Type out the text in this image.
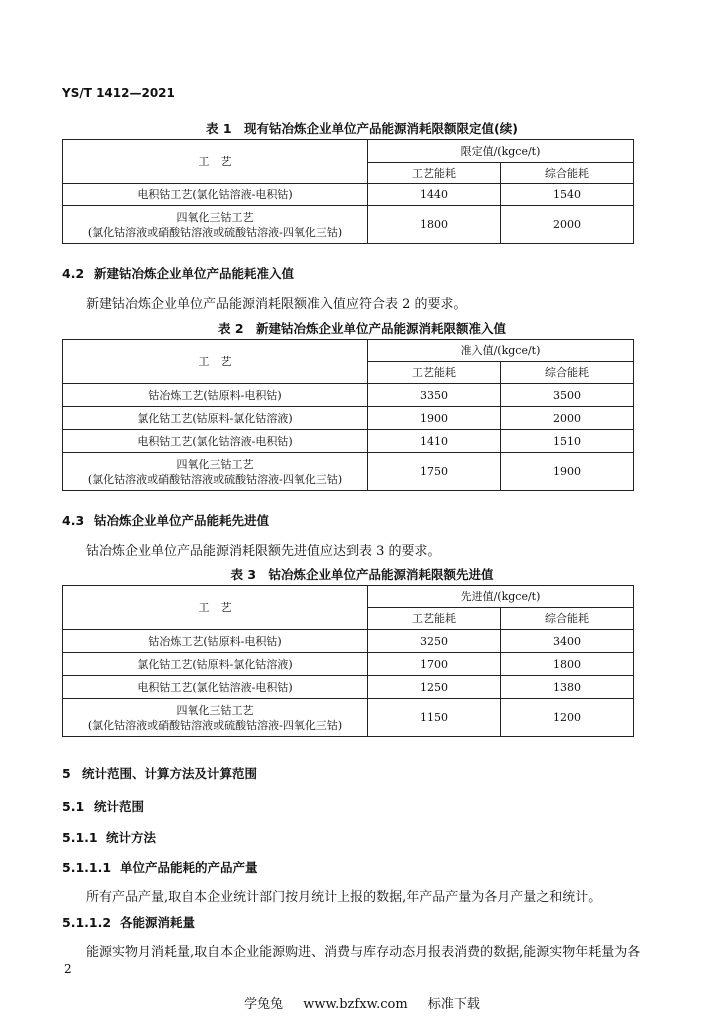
YS/T 1412—2021
表 1　现有钴冶炼企业单位产品能源消耗限额限定值(续)
工　艺	限定值/(kgce/t)	
	工艺能耗	综合能耗
电积钴工艺(氯化钴溶液-电积钴)	1440	1540

四氧化三钴工艺
(氯化钴溶液或硝酸钴溶液或硫酸钴溶液-四氧化三钴)	1800	2000
4.2 新建钴冶炼企业单位产品能耗准入值
新建钴冶炼企业单位产品能源消耗限额准入值应符合表 2 的要求。
表 2　新建钴冶炼企业单位产品能源消耗限额准入值
工　艺	准入值/(kgce/t)	
	工艺能耗	综合能耗
钴冶炼工艺(钴原料-电积钴)	3350	3500
氯化钴工艺(钴原料-氯化钴溶液)	1900	2000
电积钴工艺(氯化钴溶液-电积钴)	1410	1510

四氧化三钴工艺
(氯化钴溶液或硝酸钴溶液或硫酸钴溶液-四氧化三钴)	1750	1900
4.3 钴冶炼企业单位产品能耗先进值
钴冶炼企业单位产品能源消耗限额先进值应达到表 3 的要求。
表 3　钴冶炼企业单位产品能源消耗限额先进值
工　艺	先进值/(kgce/t)	
	工艺能耗	综合能耗
钴冶炼工艺(钴原料-电积钴)	3250	3400
氯化钴工艺(钴原料-氯化钴溶液)	1700	1800
电积钴工艺(氯化钴溶液-电积钴)	1250	1380

四氧化三钴工艺
(氯化钴溶液或硝酸钴溶液或硫酸钴溶液-四氧化三钴)	1150	1200
5 统计范围、计算方法及计算范围
5.1 统计范围
5.1.1 统计方法
5.1.1.1 单位产品能耗的产品产量
所有产品产量,取自本企业统计部门按月统计上报的数据,年产品产量为各月产量之和统计。
5.1.1.2 各能源消耗量
能源实物月消耗量,取自本企业能源购进、消费与库存动态月报表消费的数据,能源实物年耗量为各
2
学兔兔 www.bzfxw.com 标准下载
